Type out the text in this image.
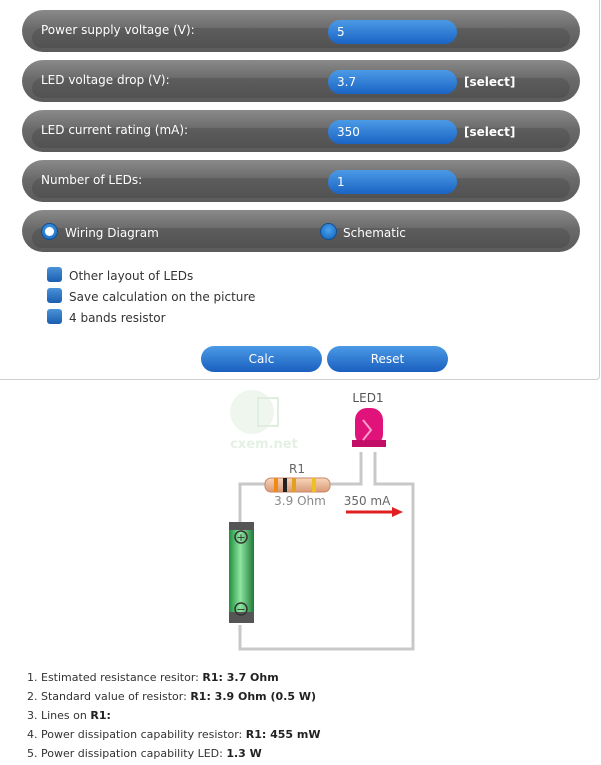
Power supply voltage (V):
5
LED voltage drop (V):
3.7	[select]
LED current rating (mA):
350	[select]
Number of LEDs:
1
Wiring Diagram	Schematic
Other layout of LEDs
Save calculation on the picture
4 bands resistor
Calc	Reset
cxem.net
LED1
R1
3.9 Ohm 350 mA
+
−
1. Estimated resistance resitor: R1: 3.7 Ohm
2. Standard value of resistor: R1: 3.9 Ohm (0.5 W)
3. Lines on R1:
4. Power dissipation capability resistor: R1: 455 mW
5. Power dissipation capability LED: 1.3 W
